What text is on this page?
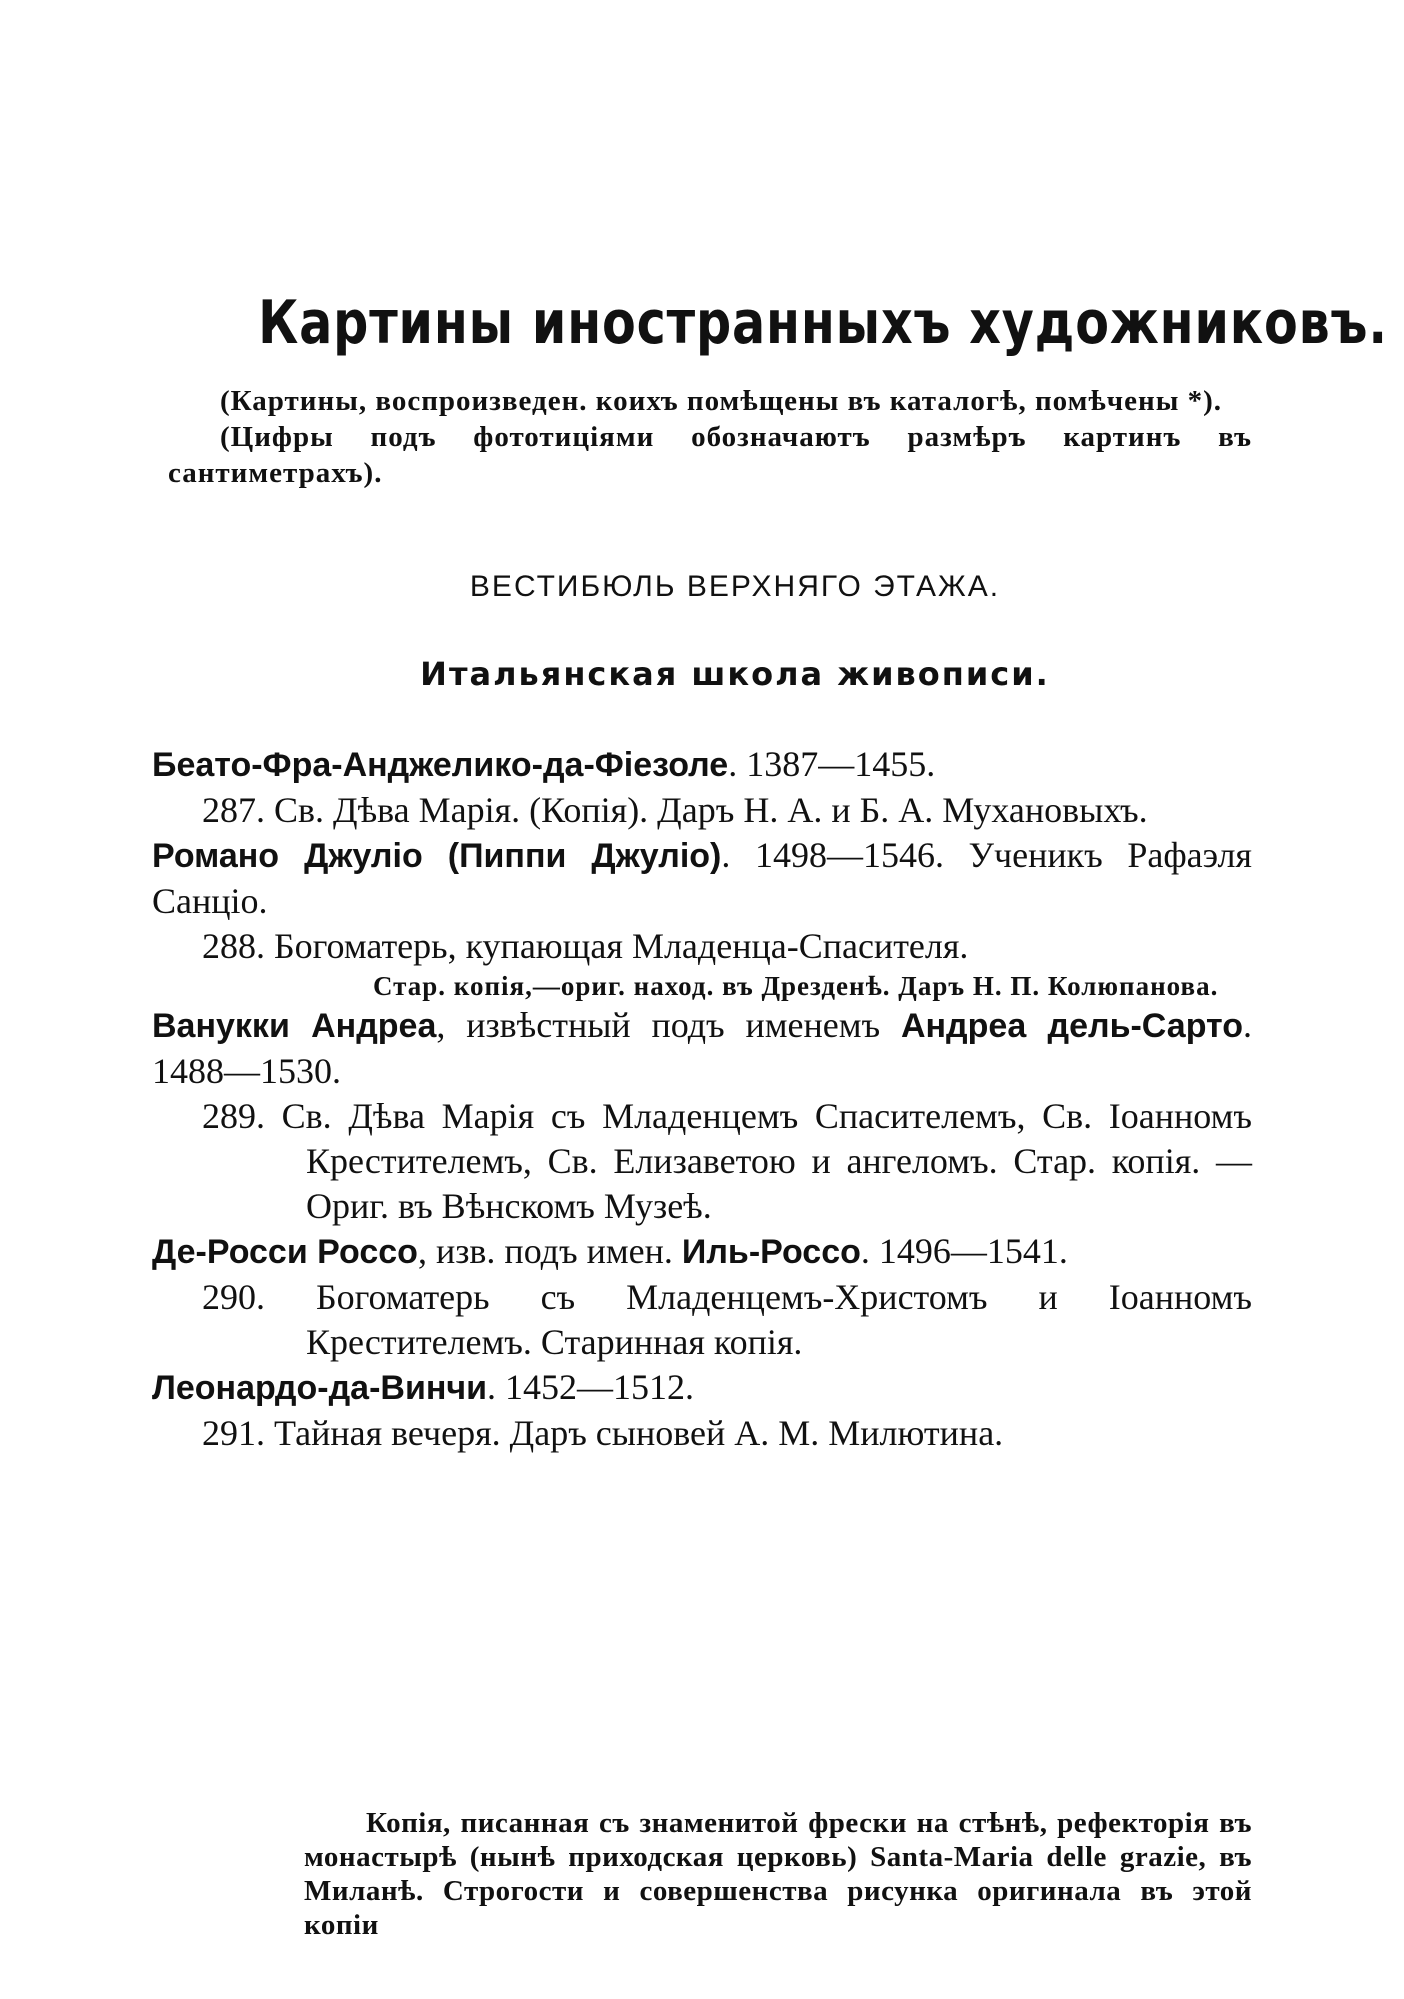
Картины иностранныхъ художниковъ.

(Картины, воспроизведен. коихъ помѣщены въ каталогѣ, помѣчены *).

(Цифры подъ фототиціями обозначаютъ размѣръ картинъ въ сантиметрахъ).

ВЕСТИБЮЛЬ ВЕРХНЯГО ЭТАЖА.
Итальянская школа живописи.

Беато-Фра-Анджелико-да-Фіезоле. 1387—1455.

287. Св. Дѣва Марія. (Копія). Даръ Н. А. и Б. А. Мухановыхъ.

Романо Джуліо (Пиппи Джуліо). 1498—1546. Ученикъ Рафаэля Санціо.

288. Богоматерь, купающая Младенца-Спасителя.

Стар. копія,—ориг. наход. въ Дрезденѣ. Даръ Н. П. Колюпанова.

Ванукки Андреа, извѣстный подъ именемъ Андреа дель-Сарто. 1488—1530.

289. Св. Дѣва Марія съ Младенцемъ Спасителемъ, Св. Іоанномъ Крестителемъ, Св. Елизаветою и ангеломъ. Стар. копія. — Ориг. въ Вѣнскомъ Музеѣ.

Де-Росси Россо, изв. подъ имен. Иль-Россо. 1496—1541.

290. Богоматерь съ Младенцемъ-Христомъ и Іоанномъ Крестителемъ. Старинная копія.

Леонардо-да-Винчи. 1452—1512.

291. Тайная вечеря. Даръ сыновей А. М. Милютина.

Копія, писанная съ знаменитой фрески на стѣнѣ, рефекторія въ монастырѣ (нынѣ приходская церковь) Santa-Maria delle grazie, въ Миланѣ. Строгости и совершенства рисунка оригинала въ этой копіи
